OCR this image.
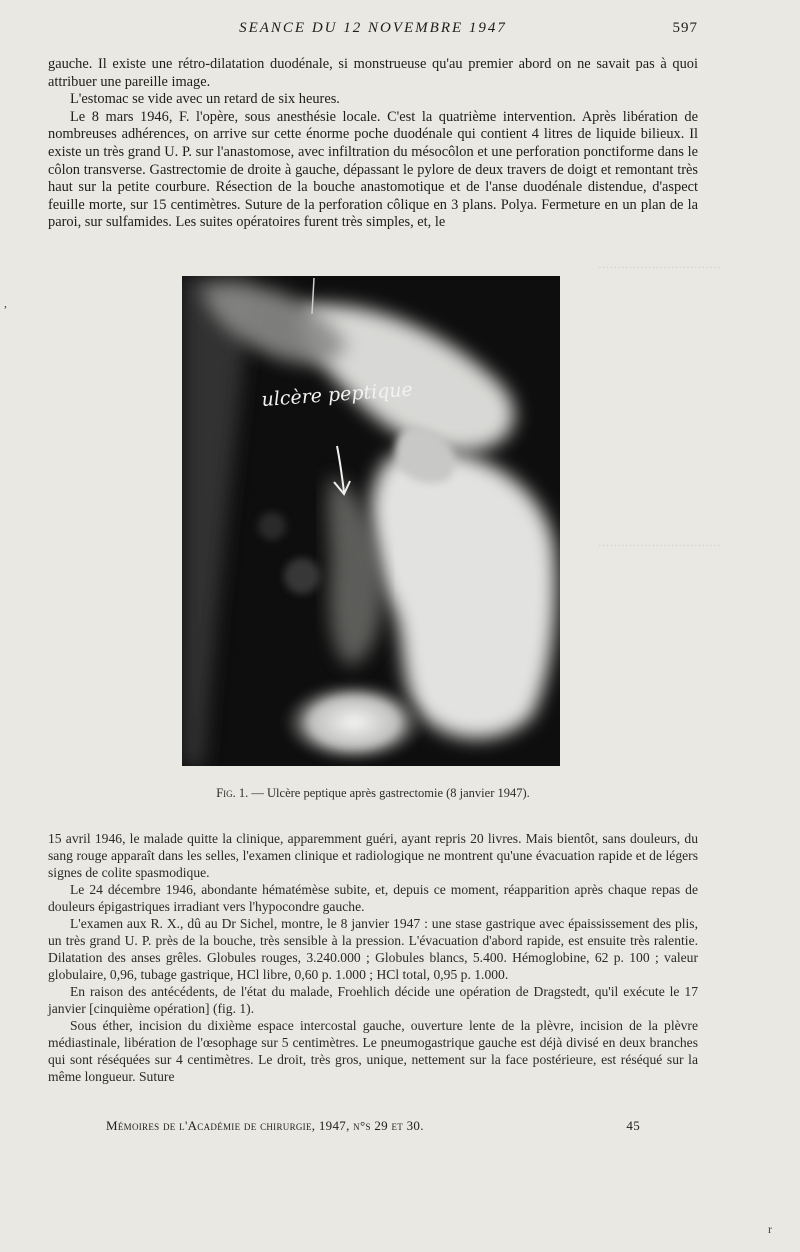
································
································
SEANCE DU 12 NOVEMBRE 1947	597

gauche. Il existe une rétro-dilatation duodénale, si monstrueuse qu'au premier abord on ne savait pas à quoi attribuer une pareille image.

L'estomac se vide avec un retard de six heures.

Le 8 mars 1946, F. l'opère, sous anesthésie locale. C'est la quatrième intervention. Après libération de nombreuses adhérences, on arrive sur cette énorme poche duodénale qui contient 4 litres de liquide bilieux. Il existe un très grand U. P. sur l'anastomose, avec infiltration du mésocôlon et une perforation ponctiforme dans le côlon transverse. Gastrectomie de droite à gauche, dépassant le pylore de deux travers de doigt et remontant très haut sur la petite courbure. Résection de la bouche anastomotique et de l'anse duodénale distendue, d'aspect feuille morte, sur 15 centimètres. Suture de la perforation côlique en 3 plans. Polya. Fermeture en un plan de la paroi, sur sulfamides. Les suites opératoires furent très simples, et, le

ulcère peptique
Fig. 1. — Ulcère peptique après gastrectomie (8 janvier 1947).

15 avril 1946, le malade quitte la clinique, apparemment guéri, ayant repris 20 livres. Mais bientôt, sans douleurs, du sang rouge apparaît dans les selles, l'examen clinique et radiologique ne montrent qu'une évacuation rapide et de légers signes de colite spasmodique.

Le 24 décembre 1946, abondante hématémèse subite, et, depuis ce moment, réapparition après chaque repas de douleurs épigastriques irradiant vers l'hypocondre gauche.

L'examen aux R. X., dû au Dr Sichel, montre, le 8 janvier 1947 : une stase gastrique avec épaississement des plis, un très grand U. P. près de la bouche, très sensible à la pression. L'évacuation d'abord rapide, est ensuite très ralentie. Dilatation des anses grêles. Globules rouges, 3.240.000 ; Globules blancs, 5.400. Hémoglobine, 62 p. 100 ; valeur globulaire, 0,96, tubage gastrique, HCl libre, 0,60 p. 1.000 ; HCl total, 0,95 p. 1.000.

En raison des antécédents, de l'état du malade, Froehlich décide une opération de Dragstedt, qu'il exécute le 17 janvier [cinquième opération] (fig. 1).

Sous éther, incision du dixième espace intercostal gauche, ouverture lente de la plèvre, incision de la plèvre médiastinale, libération de l'œsophage sur 5 centimètres. Le pneumogastrique gauche est déjà divisé en deux branches qui sont réséquées sur 4 centimètres. Le droit, très gros, unique, nettement sur la face postérieure, est réséqué sur la même longueur. Suture

Mémoires de l'Académie de chirurgie, 1947, n°s 29 et 30.	45
,
r
